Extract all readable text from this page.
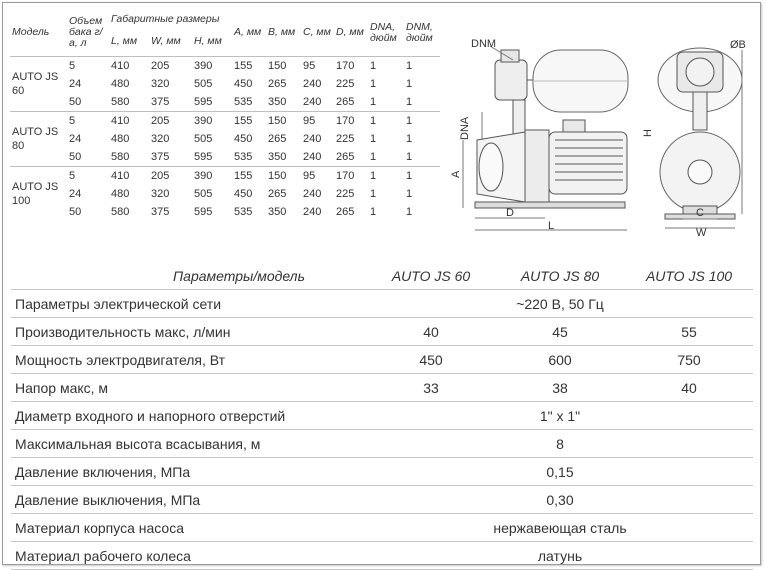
Модель	Объем бака г/а, л	Габаритные размеры			A, мм	B, мм	C, мм	D, мм	DNA, дюйм	DNM, дюйм
		L, мм	W, мм	H, мм						
AUTO JS 60	5	410	205	390	155	150	95	170	1	1
	24	480	320	505	450	265	240	225	1	1
	50	580	375	595	535	350	240	265	1	1
AUTO JS 80	5	410	205	390	155	150	95	170	1	1
	24	480	320	505	450	265	240	225	1	1
	50	580	375	595	535	350	240	265	1	1
AUTO JS 100	5	410	205	390	155	150	95	170	1	1
	24	480	320	505	450	265	240	225	1	1
	50	580	375	595	535	350	240	265	1	1
DNM
DNA
A
D
L
H
ØB
C
W
Параметры/модель	AUTO JS 60	AUTO JS 80	AUTO JS 100
Параметры электрической сети	~220 В, 50 Гц		
Производительность макс, л/мин	40	45	55
Мощность электродвигателя, Вт	450	600	750
Напор макс, м	33	38	40
Диаметр входного и напорного отверстий	1" x 1"		
Максимальная высота всасывания, м	8		
Давление включения, МПа	0,15		
Давление выключения, МПа	0,30		
Материал корпуса насоса	нержавеющая сталь		
Материал рабочего колеса	латунь		
